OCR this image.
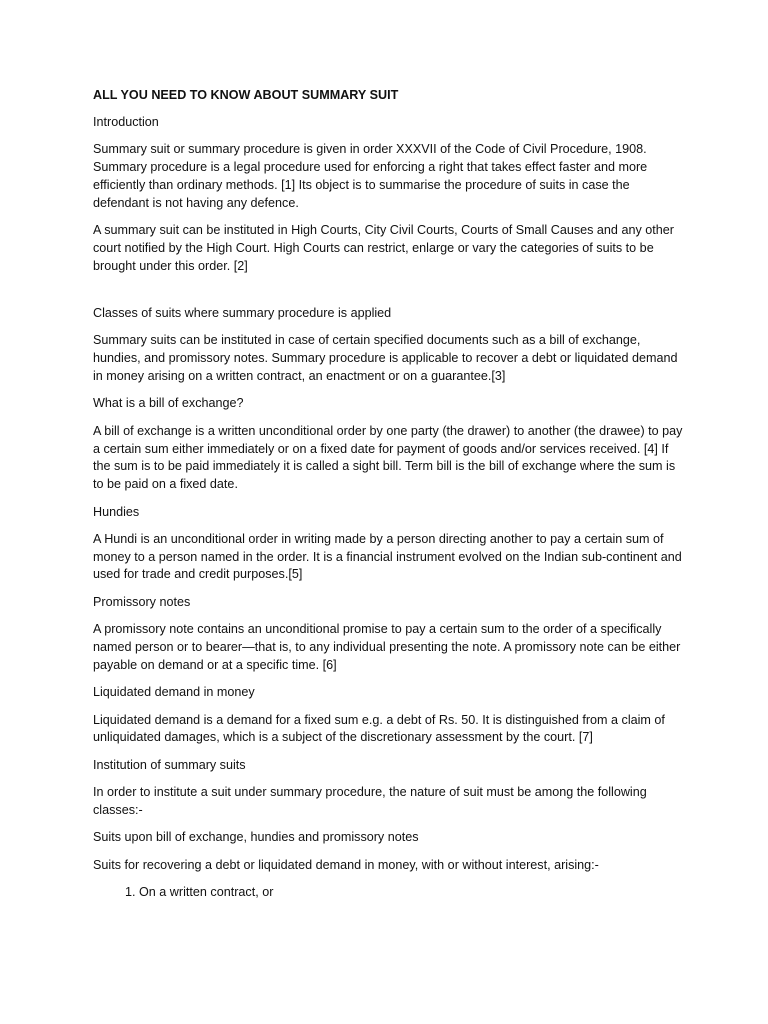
ALL YOU NEED TO KNOW ABOUT SUMMARY SUIT

Introduction

Summary suit or summary procedure is given in order XXXVII of the Code of Civil Procedure, 1908. Summary procedure is a legal procedure used for enforcing a right that takes effect faster and more efficiently than ordinary methods. [1] Its object is to summarise the procedure of suits in case the defendant is not having any defence.

A summary suit can be instituted in High Courts, City Civil Courts, Courts of Small Causes and any other court notified by the High Court. High Courts can restrict, enlarge or vary the categories of suits to be brought under this order. [2]

Classes of suits where summary procedure is applied

Summary suits can be instituted in case of certain specified documents such as a bill of exchange, hundies, and promissory notes. Summary procedure is applicable to recover a debt or liquidated demand in money arising on a written contract, an enactment or on a guarantee.[3]

What is a bill of exchange?

A bill of exchange is a written unconditional order by one party (the drawer) to another (the drawee) to pay a certain sum either immediately or on a fixed date for payment of goods and/or services received. [4] If the sum is to be paid immediately it is called a sight bill. Term bill is the bill of exchange where the sum is to be paid on a fixed date.

Hundies

A Hundi is an unconditional order in writing made by a person directing another to pay a certain sum of money to a person named in the order. It is a financial instrument evolved on the Indian sub-continent and used for trade and credit purposes.[5]

Promissory notes

A promissory note contains an unconditional promise to pay a certain sum to the order of a specifically named person or to bearer—that is, to any individual presenting the note. A promissory note can be either payable on demand or at a specific time. [6]

Liquidated demand in money

Liquidated demand is a demand for a fixed sum e.g. a debt of Rs. 50. It is distinguished from a claim of unliquidated damages, which is a subject of the discretionary assessment by the court. [7]

Institution of summary suits

In order to institute a suit under summary procedure, the nature of suit must be among the following classes:-

Suits upon bill of exchange, hundies and promissory notes

Suits for recovering a debt or liquidated demand in money, with or without interest, arising:-

1. On a written contract, or
